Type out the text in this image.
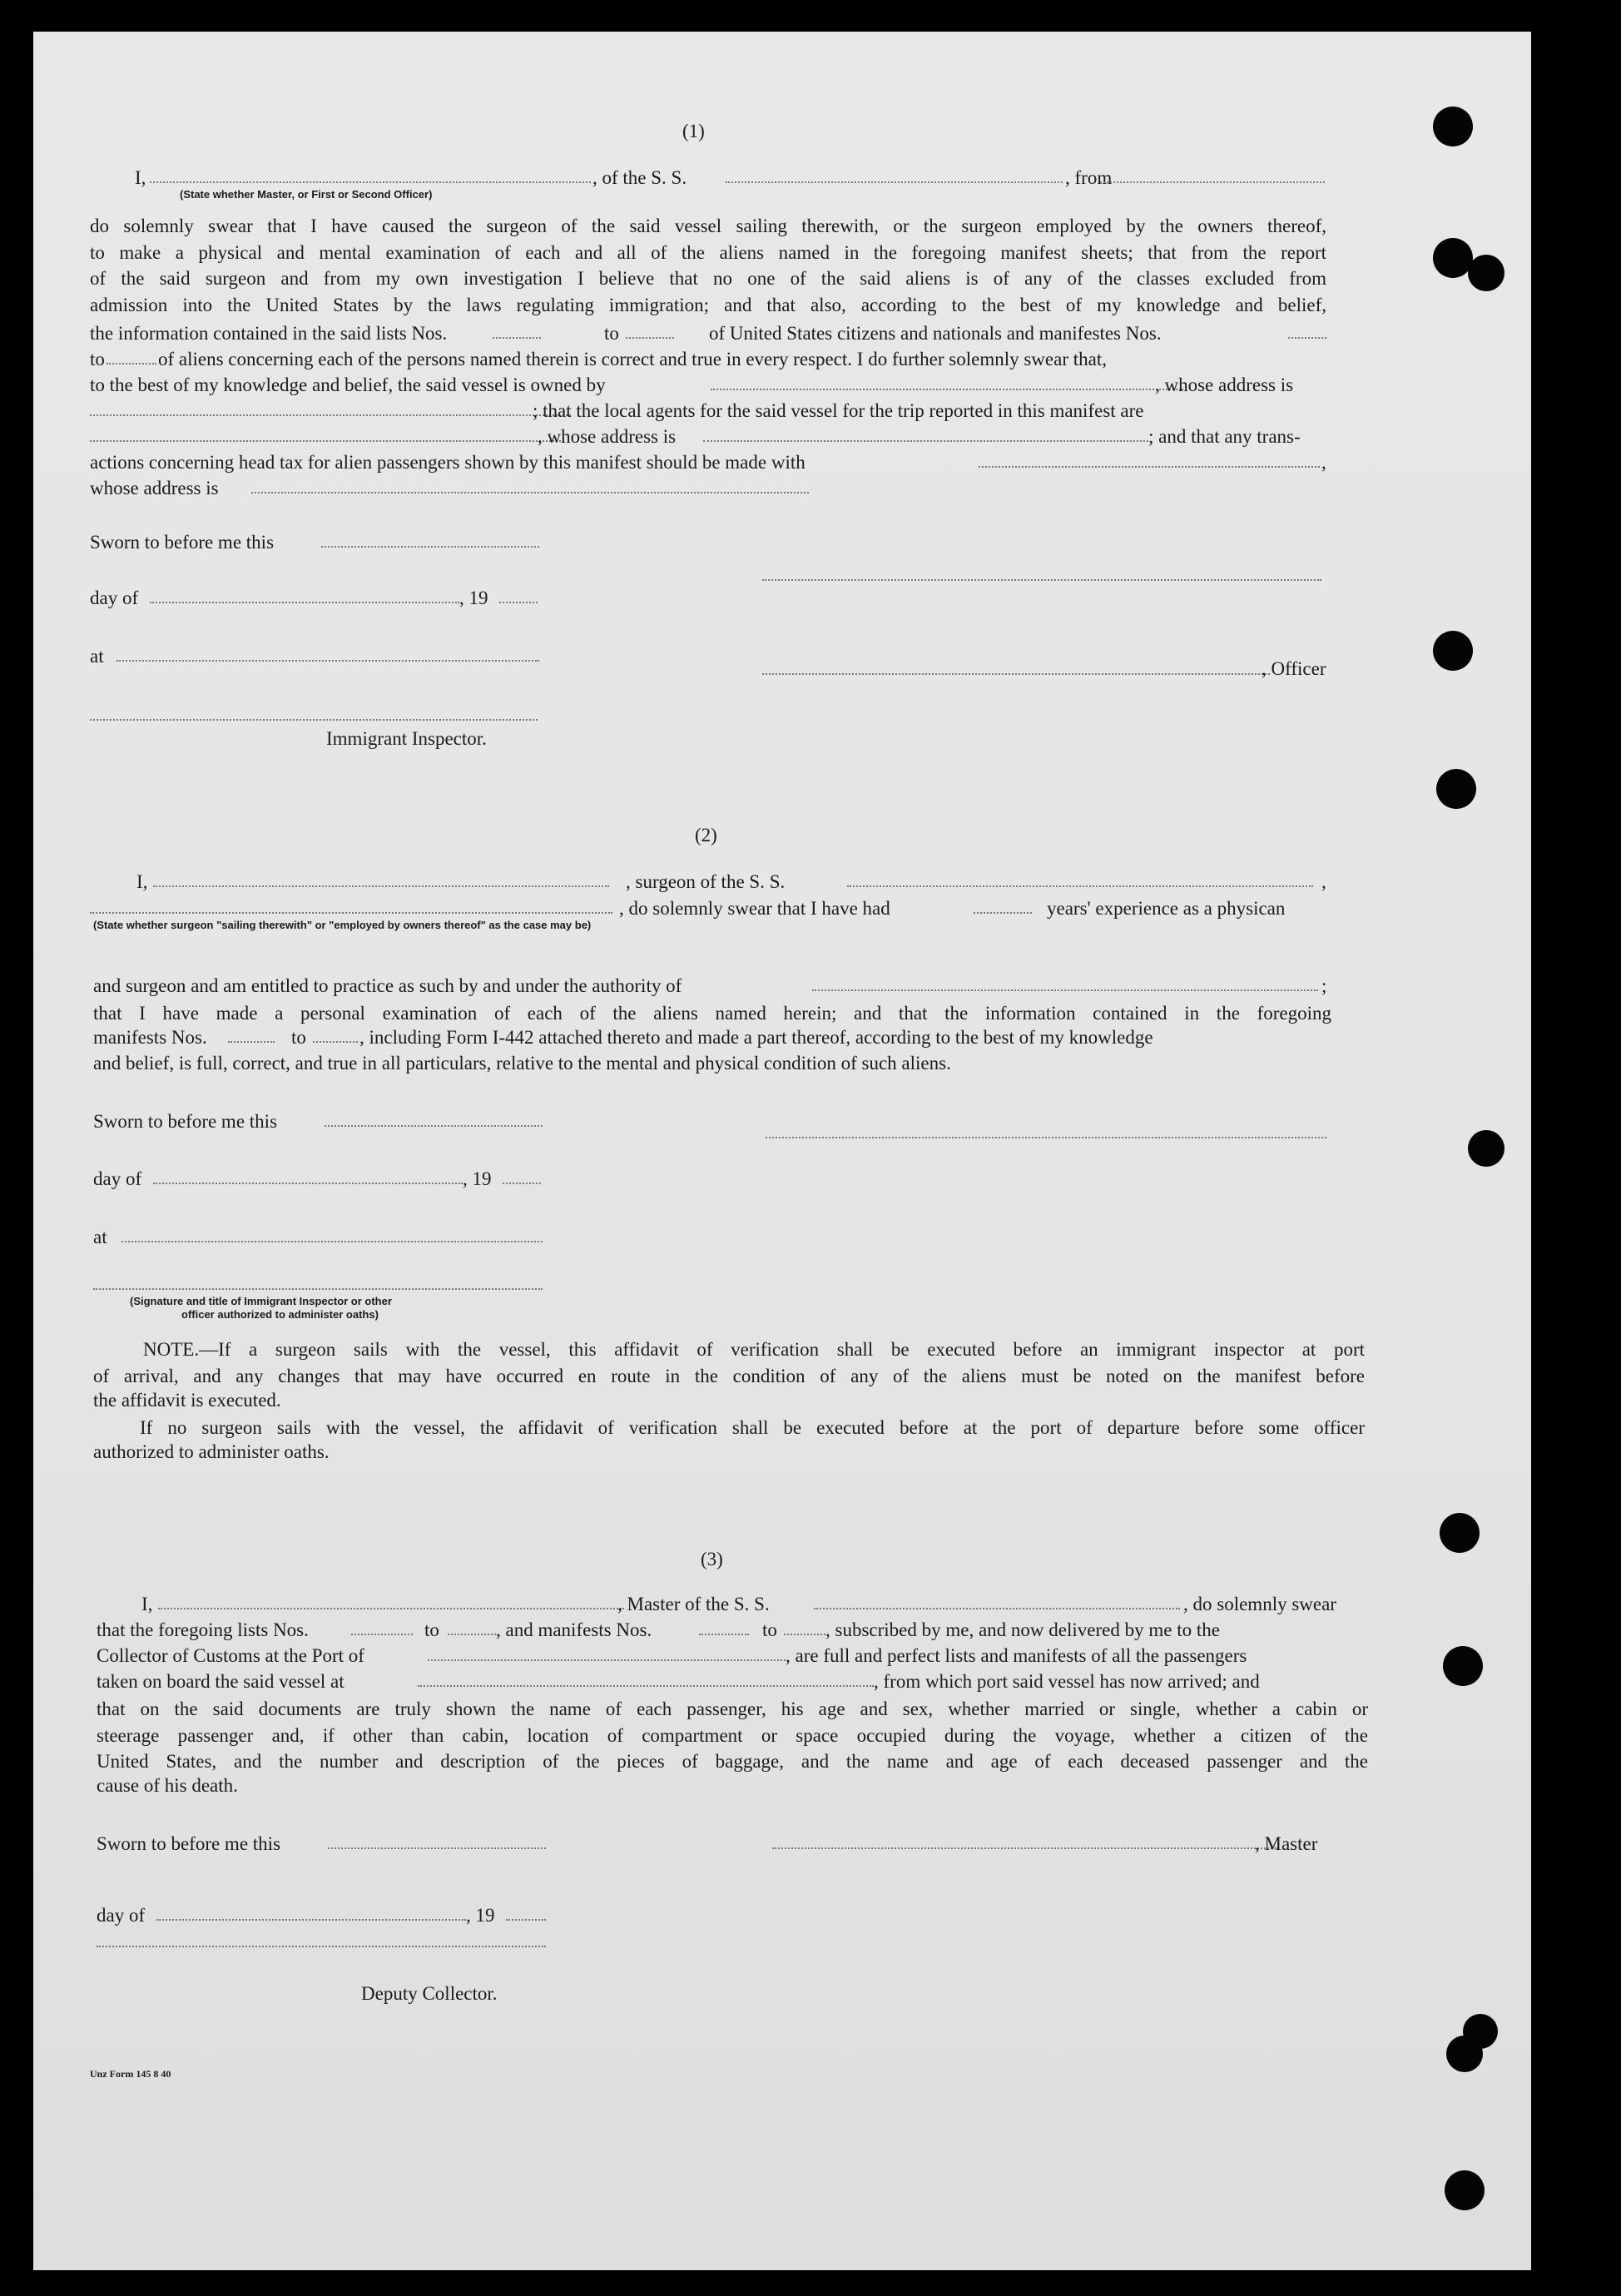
(1)
I,	, of the S. S.	, from
(State whether Master, or First or Second Officer)
do solemnly swear that I have caused the surgeon of the said vessel sailing therewith, or the surgeon employed by the owners thereof,
to make a physical and mental examination of each and all of the aliens named in the foregoing manifest sheets; that from the report
of the said surgeon and from my own investigation I believe that no one of the said aliens is of any of the classes excluded from
admission into the United States by the laws regulating immigration; and that also, according to the best of my knowledge and belief,
the information contained in the said lists Nos.	to	of United States citizens and nationals and manifestes Nos.
to	of aliens concerning each of the persons named therein is correct and true in every respect. I do further solemnly swear that,
to the best of my knowledge and belief, the said vessel is owned by	, whose address is
; that the local agents for the said vessel for the trip reported in this manifest are
, whose address is	; and that any trans-
actions concerning head tax for alien passengers shown by this manifest should be made with	,
whose address is
Sworn to before me this
day of	, 19
at
, Officer
Immigrant Inspector.
(2)
I,	, surgeon of the S. S.	,
, do solemnly swear that I have had	years' experience as a physican
(State whether surgeon "sailing therewith" or "employed by owners thereof" as the case may be)
and surgeon and am entitled to practice as such by and under the authority of	;
that I have made a personal examination of each of the aliens named herein; and that the information contained in the foregoing
manifests Nos.	to	, including Form I-442 attached thereto and made a part thereof, according to the best of my knowledge
and belief, is full, correct, and true in all particulars, relative to the mental and physical condition of such aliens.
Sworn to before me this
day of	, 19
at
(Signature and title of Immigrant Inspector or other
officer authorized to administer oaths)
NOTE.—If a surgeon sails with the vessel, this affidavit of verification shall be executed before an immigrant inspector at port
of arrival, and any changes that may have occurred en route in the condition of any of the aliens must be noted on the manifest before
the affidavit is executed.
If no surgeon sails with the vessel, the affidavit of verification shall be executed before at the port of departure before some officer
authorized to administer oaths.
(3)
I,	, Master of the S. S.	, do solemnly swear
that the foregoing lists Nos.	to	, and manifests Nos.	to	, subscribed by me, and now delivered by me to the
Collector of Customs at the Port of	, are full and perfect lists and manifests of all the passengers
taken on board the said vessel at	, from which port said vessel has now arrived; and
that on the said documents are truly shown the name of each passenger, his age and sex, whether married or single, whether a cabin or
steerage passenger and, if other than cabin, location of compartment or space occupied during the voyage, whether a citizen of the
United States, and the number and description of the pieces of baggage, and the name and age of each deceased passenger and the
cause of his death.
Sworn to before me this	, Master
day of	, 19
Deputy Collector.
Unz Form 145 8 40
